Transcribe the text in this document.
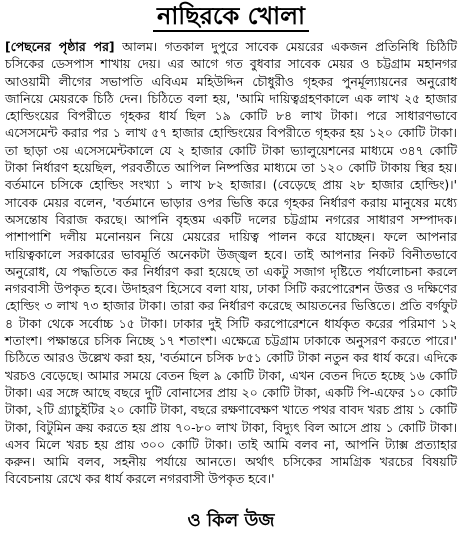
নাছিরকে খোলা

[পেছনের পৃষ্ঠার পর] আলম। গতকাল দুপুরে সাবেক মেয়রের একজন প্রতিনিধি চিঠিটি চসিকের ডেসপাস শাখায় দেয়। এর আগে গত বুধবার সাবেক মেয়র ও চট্টগ্রাম মহানগর আওয়ামী লীগের সভাপতি এবিএম মহিউদ্দিন চৌধুরীও গৃহকর পুনর্মূল্যায়নের অনুরোধ জানিয়ে মেয়রকে চিঠি দেন। চিঠিতে বলা হয়, 'আমি দায়িত্বগ্রহণকালে এক লাখ ২৫ হাজার হোল্ডিংয়ের বিপরীতে গৃহকর ধার্য ছিল ১৯ কোটি ৮৪ লাখ টাকা। পরে সাধারণভাবে এসেসমেন্ট করার পর ১ লাখ ৫৭ হাজার হোল্ডিংয়ের বিপরীতে গৃহকর হয় ১২০ কোটি টাকা। তা ছাড়া ৩য় এসেসমেন্টকালে যে ২ হাজার কোটি টাকা ভ্যালুয়েশনের মাধ্যমে ৩৪৭ কোটি টাকা নির্ধারণ হয়েছিল, পরবর্তীতে আপিল নিষ্পত্তির মাধ্যমে তা ১২০ কোটি টাকায় স্থির হয়। বর্তমানে চসিকে হোল্ডিং সংখ্যা ১ লাখ ৮২ হাজার। (বেড়েছে প্রায় ২৮ হাজার হোল্ডিং)।' সাবেক মেয়র বলেন, 'বর্তমানে ভাড়ার ওপর ভিত্তি করে গৃহকর নির্ধারণ করায় মানুষের মধ্যে অসন্তোষ বিরাজ করছে। আপনি বৃহত্তম একটি দলের চট্টগ্রাম নগরের সাধারণ সম্পাদক। পাশাপাশি দলীয় মনোনয়ন নিয়ে মেয়রের দায়িত্ব পালন করে যাচ্ছেন। ফলে আপনার দায়িত্বকালে সরকারের ভাবমূর্তি অনেকটা উজ্জ্বল হবে। তাই আপনার নিকট বিনীতভাবে অনুরোধ, যে পদ্ধতিতে কর নির্ধারণ করা হয়েছে তা একটু সজাগ দৃষ্টিতে পর্যালোচনা করলে নগরবাসী উপকৃত হবে। উদাহরণ হিসেবে বলা যায়, ঢাকা সিটি করপোরেশন উত্তর ও দক্ষিণের হোল্ডিং ৩ লাখ ৭৩ হাজার টাকা। তারা কর নির্ধারণ করেছে আয়তনের ভিত্তিতে। প্রতি বর্গফুট ৪ টাকা থেকে সর্বোচ্চ ১৫ টাকা। ঢাকার দুই সিটি করপোরেশনে ধার্যকৃত করের পরিমাণ ১২ শতাংশ। পক্ষান্তরে চসিক নিচ্ছে ১৭ শতাংশ। এক্ষেত্রে চট্টগ্রাম ঢাকাকে অনুসরণ করতে পারে।' চিঠিতে আরও উল্লেখ করা হয়, 'বর্তমানে চসিক ৮৫১ কোটি টাকা নতুন কর ধার্য করে। এদিকে খরচও বেড়েছে। আমার সময়ে বেতন ছিল ৯ কোটি টাকা, এখন বেতন দিতে হচ্ছে ১৬ কোটি টাকা। এর সঙ্গে আছে বছরে দুটি বোনাসের প্রায় ২০ কোটি টাকা, একটি পি-এফের ১০ কোটি টাকা, ২টি গ্র্যাচুইটির ২০ কোটি টাকা, বছরে রক্ষণাবেক্ষণ খাতে পথর বাবদ খরচ প্রায় ১ কোটি টাকা, বিটুমিন ক্রয় করতে হয় প্রায় ৭০-৮০ লাখ টাকা, বিদ্যুৎ বিল আসে প্রায় ১ কোটি টাকা। এসব মিলে খরচ হয় প্রায় ৩০০ কোটি টাকা। তাই আমি বলব না, আপনি ট্যাক্স প্রত্যাহার করুন। আমি বলব, সহনীয় পর্যায়ে আনতে। অর্থাৎ চসিকের সামগ্রিক খরচের বিষয়টি বিবেচনায় রেখে কর ধার্য করলে নগরবাসী উপকৃত হবে।'

ও কিল উজ
